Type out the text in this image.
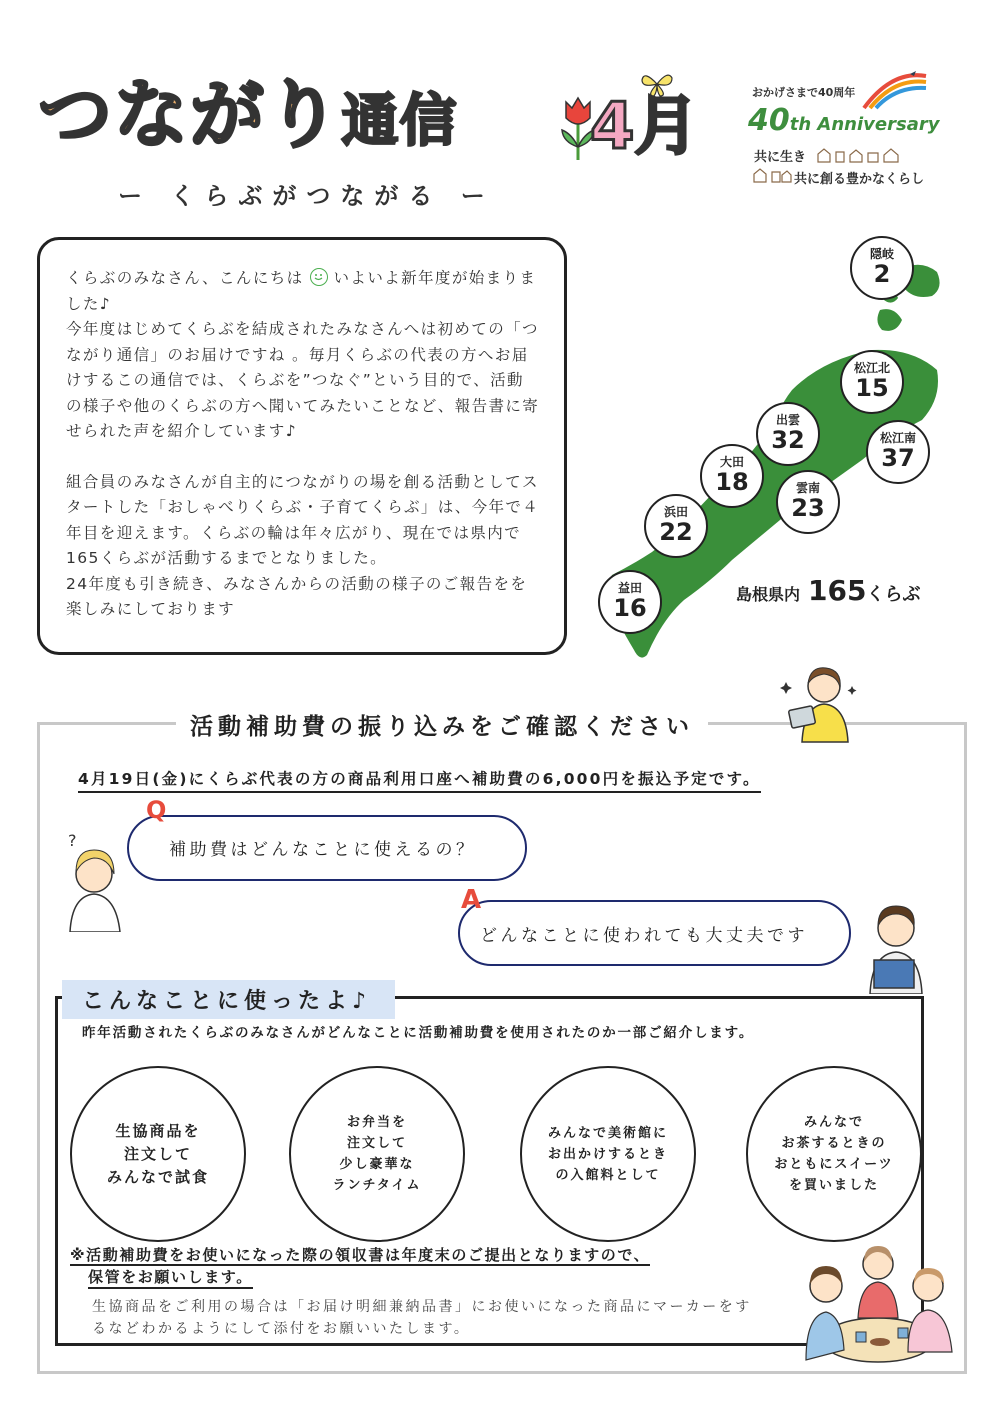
つながり通信
ー くらぶがつながる ー
4月	おかげさまで40周年
40th Anniversary
共に生き
共に創る豊かなくらし

くらぶのみなさん、こんにちは いよいよ新年度が始まりました♪

今年度はじめてくらぶを結成されたみなさんへは初めての「つながり通信」のお届けですね 。毎月くらぶの代表の方へお届けするこの通信では、くらぶを”つなぐ”という目的で、活動の様子や他のくらぶの方へ聞いてみたいことなど、報告書に寄せられた声を紹介しています♪

組合員のみなさんが自主的につながりの場を創る活動としてスタートした「おしゃべりくらぶ・子育てくらぶ」は、今年で４年目を迎えます。くらぶの輪は年々広がり、現在では県内で165くらぶが活動するまでとなりました。

24年度も引き続き、みなさんからの活動の様子のご報告をを楽しみにしております

隠岐
2
松江北
15
松江南
37
出雲
32
大田
18	雲南
23
浜田
22
益田
16	島根県内 165くらぶ
活動補助費の振り込みをご確認ください
4月19日(金)にくらぶ代表の方の商品利用口座へ補助費の6,000円を振込予定です。
?	補助費はどんなことに使えるの？
Q
どんなことに使われても大丈夫です
A
こんなことに使ったよ♪
昨年活動されたくらぶのみなさんがどんなことに活動補助費を使用されたのか一部ご紹介します。
生協商品を
注文して
みんなで試食
お弁当を
注文して
少し豪華な
ランチタイム
みんなで美術館に
お出かけするとき
の入館料として
みんなで
お茶するときの
おともにスイーツ
を買いました
※活動補助費をお使いになった際の領収書は年度末のご提出となりますので、
保管をお願いします。
生協商品をご利用の場合は「お届け明細兼納品書」にお使いになった商品にマーカーをするなどわかるようにして添付をお願いいたします。
